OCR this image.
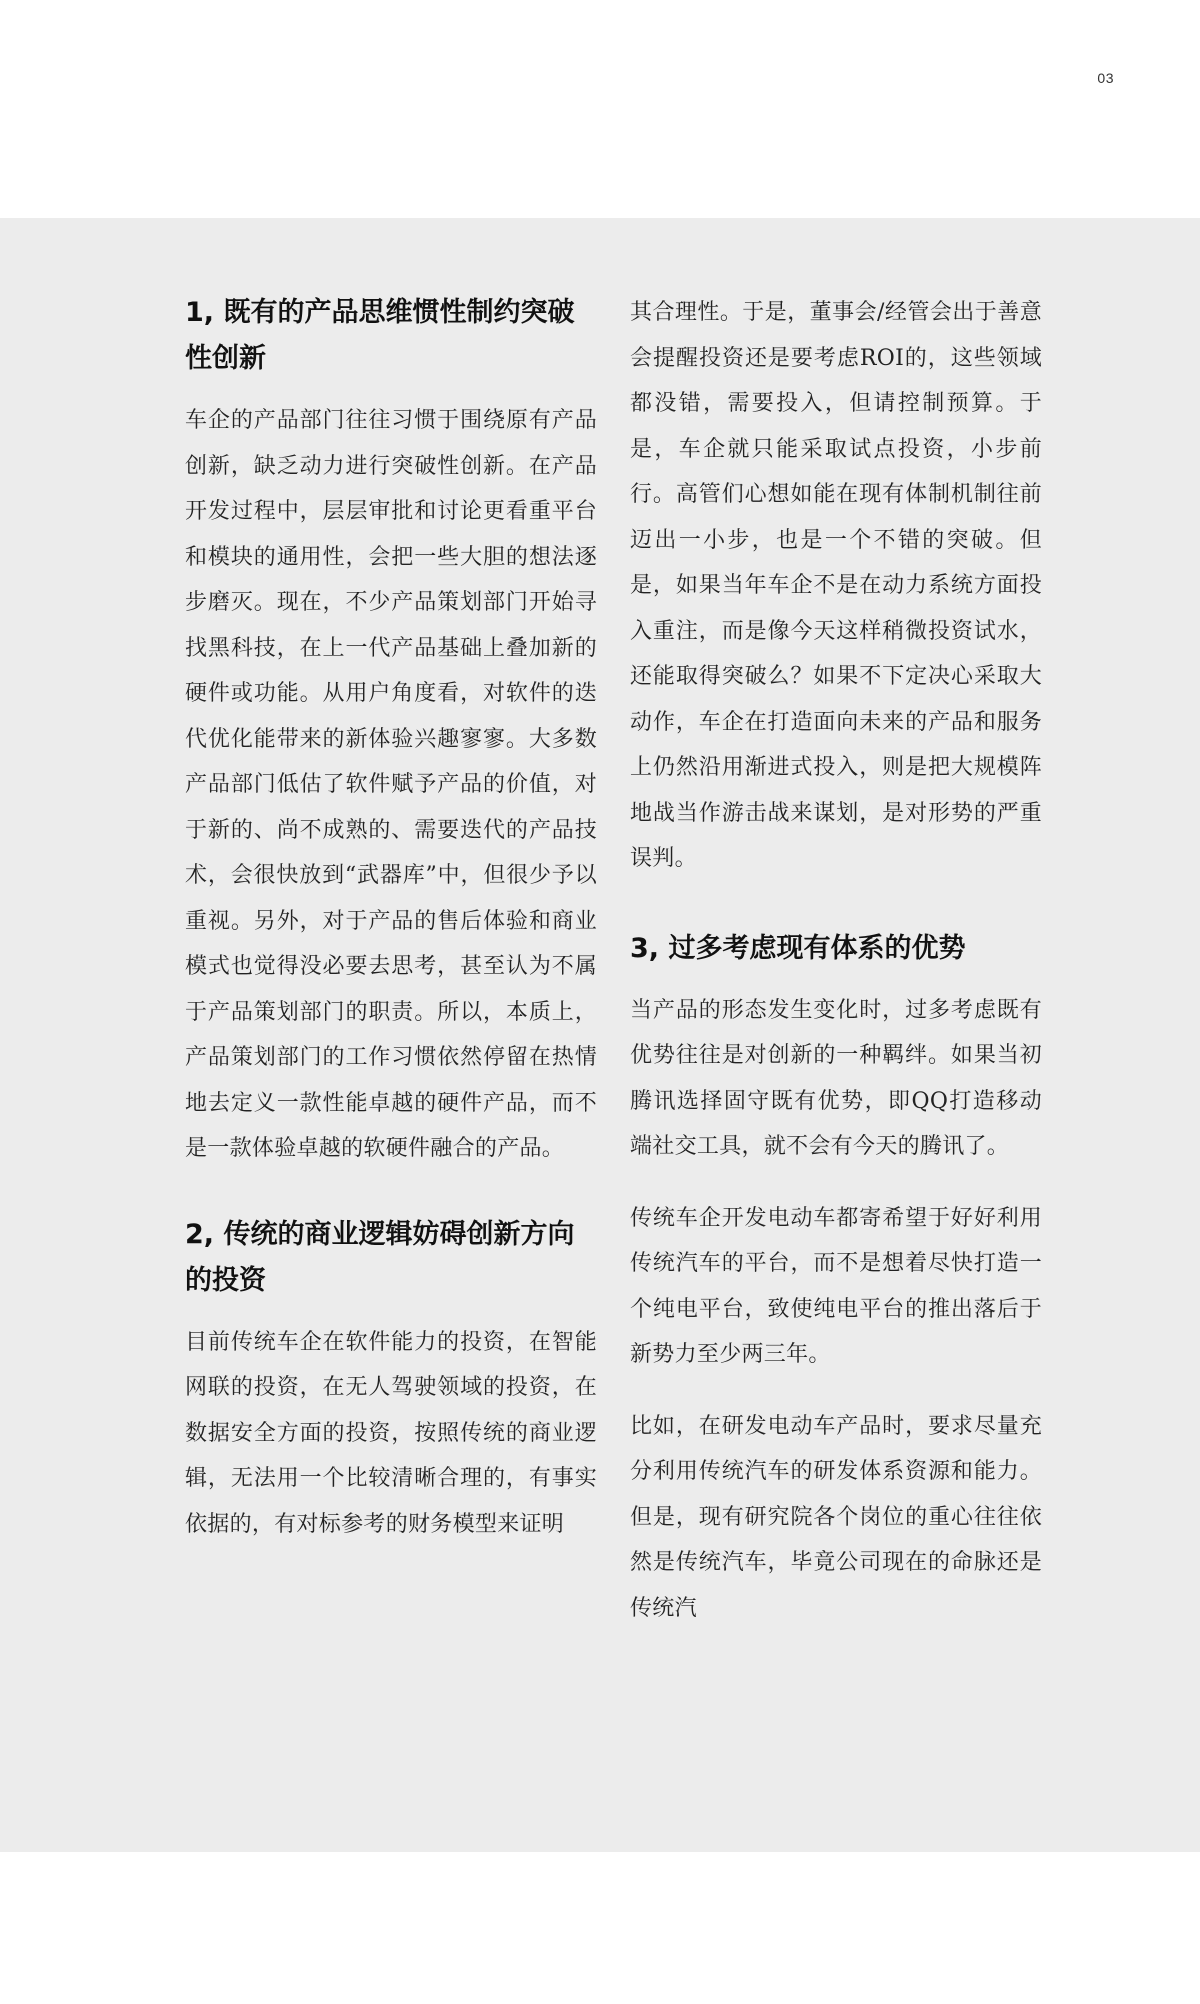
03
1, 既有的产品思维惯性制约突破性创新

车企的产品部门往往习惯于围绕原有产品创新，缺乏动力进行突破性创新。在产品开发过程中，层层审批和讨论更看重平台和模块的通用性，会把一些大胆的想法逐步磨灭。现在，不少产品策划部门开始寻找黑科技，在上一代产品基础上叠加新的硬件或功能。从用户角度看，对软件的迭代优化能带来的新体验兴趣寥寥。大多数产品部门低估了软件赋予产品的价值，对于新的、尚不成熟的、需要迭代的产品技术，会很快放到“武器库”中，但很少予以重视。另外，对于产品的售后体验和商业模式也觉得没必要去思考，甚至认为不属于产品策划部门的职责。所以，本质上，产品策划部门的工作习惯依然停留在热情地去定义一款性能卓越的硬件产品，而不是一款体验卓越的软硬件融合的产品。

2, 传统的商业逻辑妨碍创新方向的投资

目前传统车企在软件能力的投资，在智能网联的投资，在无人驾驶领域的投资，在数据安全方面的投资，按照传统的商业逻辑，无法用一个比较清晰合理的，有事实依据的，有对标参考的财务模型来证明

其合理性。于是，董事会/经管会出于善意会提醒投资还是要考虑ROI的，这些领域都没错，需要投入，但请控制预算。于是，车企就只能采取试点投资，小步前行。高管们心想如能在现有体制机制往前迈出一小步，也是一个不错的突破。但是，如果当年车企不是在动力系统方面投入重注，而是像今天这样稍微投资试水，还能取得突破么？如果不下定决心采取大动作，车企在打造面向未来的产品和服务上仍然沿用渐进式投入，则是把大规模阵地战当作游击战来谋划，是对形势的严重误判。

3, 过多考虑现有体系的优势

当产品的形态发生变化时，过多考虑既有优势往往是对创新的一种羁绊。如果当初腾讯选择固守既有优势，即QQ打造移动端社交工具，就不会有今天的腾讯了。

传统车企开发电动车都寄希望于好好利用传统汽车的平台，而不是想着尽快打造一个纯电平台，致使纯电平台的推出落后于新势力至少两三年。

比如，在研发电动车产品时，要求尽量充分利用传统汽车的研发体系资源和能力。但是，现有研究院各个岗位的重心往往依然是传统汽车，毕竟公司现在的命脉还是传统汽
